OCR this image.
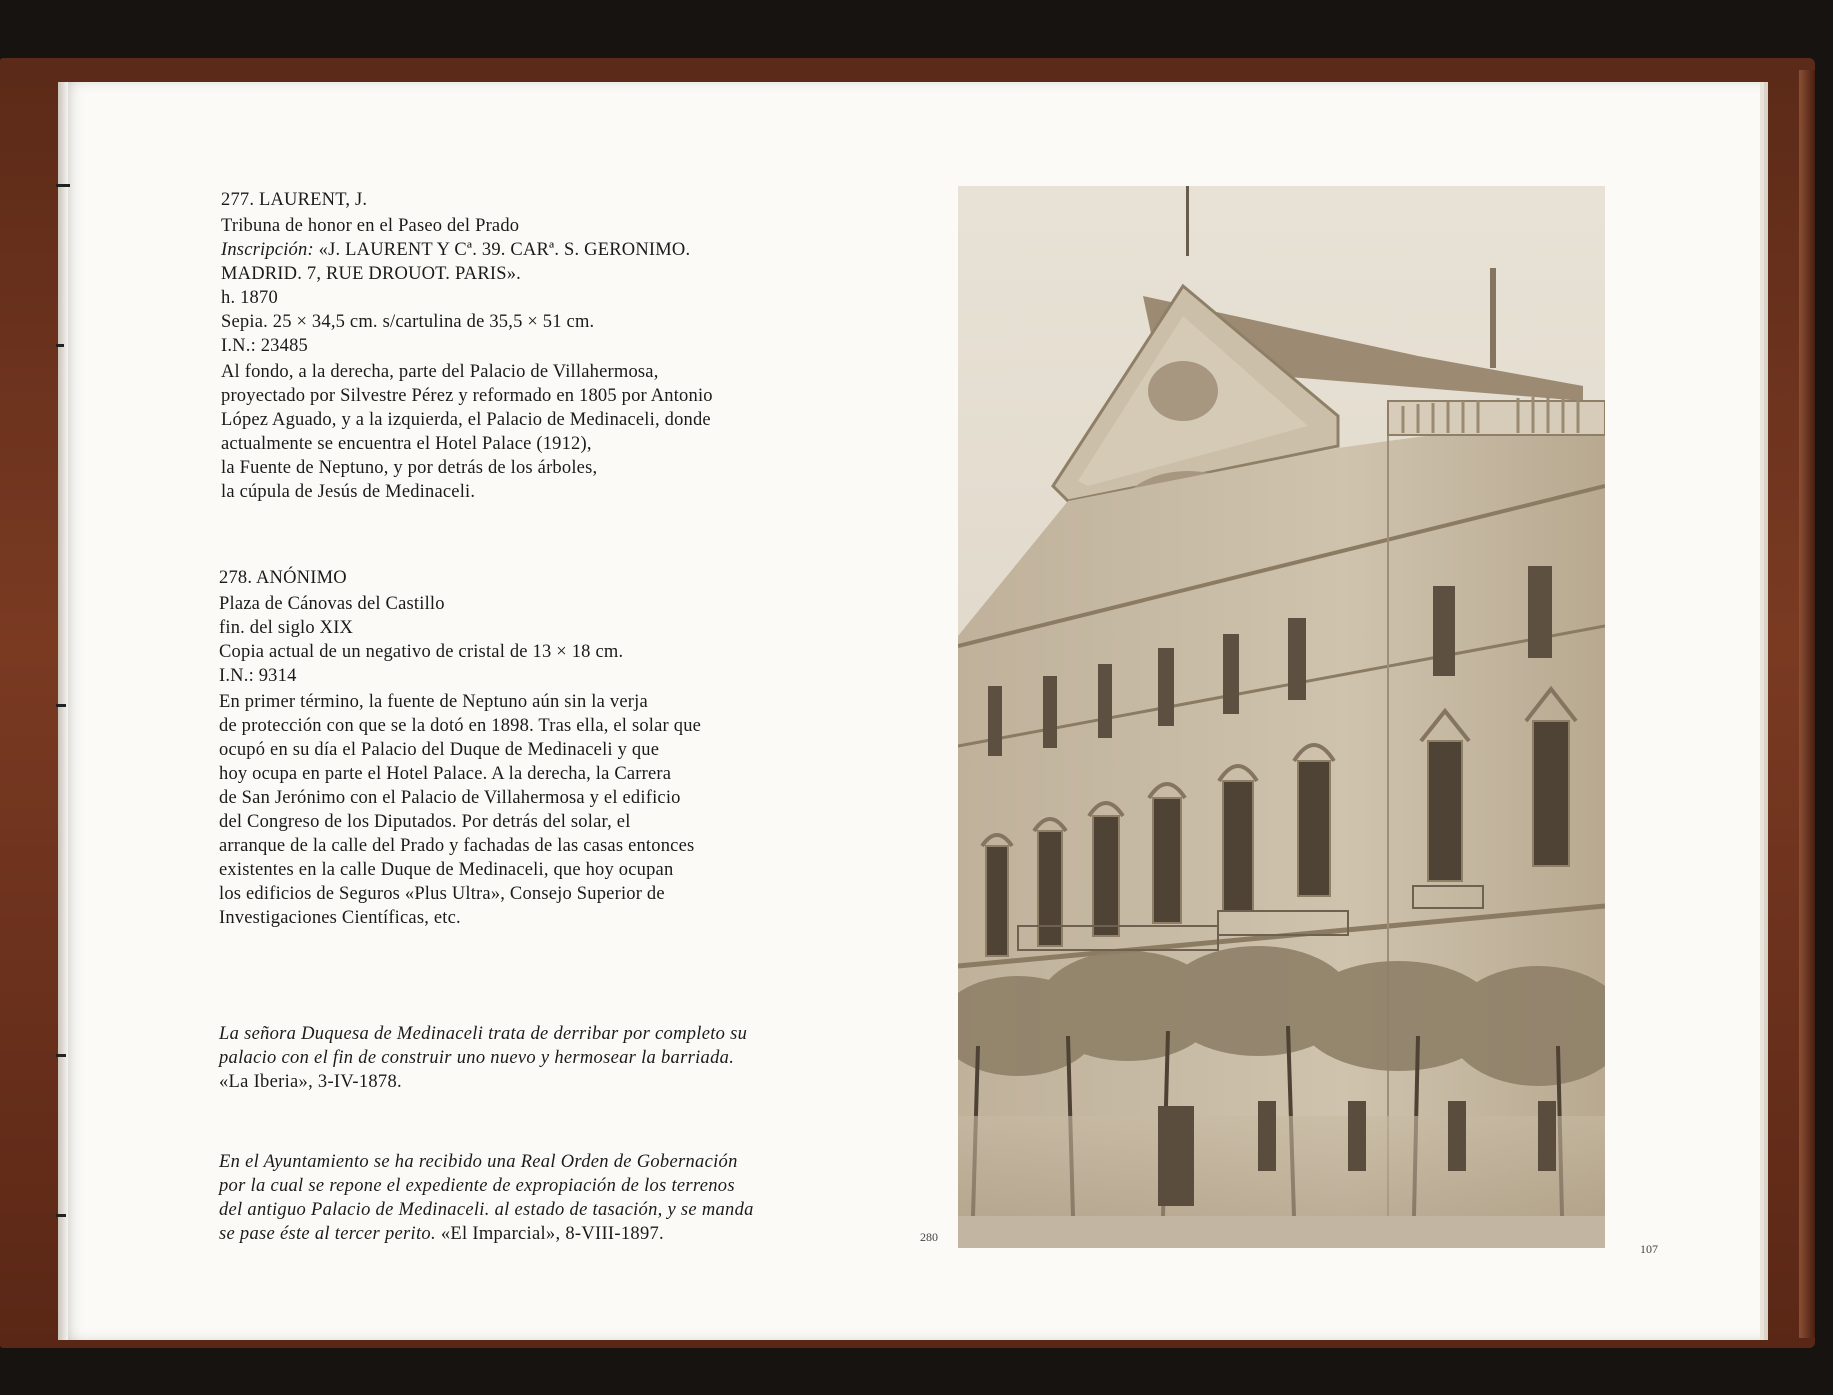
277. LAURENT, J.
Tribuna de honor en el Paseo del Prado
Inscripción: «J. LAURENT Y Cª. 39. CARª. S. GERONIMO.
MADRID. 7, RUE DROUOT. PARIS».
h. 1870
Sepia. 25 × 34,5 cm. s/cartulina de 35,5 × 51 cm.
I.N.: 23485
Al fondo, a la derecha, parte del Palacio de Villahermosa,
proyectado por Silvestre Pérez y reformado en 1805 por Antonio
López Aguado, y a la izquierda, el Palacio de Medinaceli, donde
actualmente se encuentra el Hotel Palace (1912),
la Fuente de Neptuno, y por detrás de los árboles,
la cúpula de Jesús de Medinaceli.
278. ANÓNIMO
Plaza de Cánovas del Castillo
fin. del siglo XIX
Copia actual de un negativo de cristal de 13 × 18 cm.
I.N.: 9314
En primer término, la fuente de Neptuno aún sin la verja
de protección con que se la dotó en 1898. Tras ella, el solar que
ocupó en su día el Palacio del Duque de Medinaceli y que
hoy ocupa en parte el Hotel Palace. A la derecha, la Carrera
de San Jerónimo con el Palacio de Villahermosa y el edificio
del Congreso de los Diputados. Por detrás del solar, el
arranque de la calle del Prado y fachadas de las casas entonces
existentes en la calle Duque de Medinaceli, que hoy ocupan
los edificios de Seguros «Plus Ultra», Consejo Superior de
Investigaciones Científicas, etc.
La señora Duquesa de Medinaceli trata de derribar por completo su
palacio con el fin de construir uno nuevo y hermosear la barriada.
«La Iberia», 3-IV-1878.
En el Ayuntamiento se ha recibido una Real Orden de Gobernación
por la cual se repone el expediente de expropiación de los terrenos
del antiguo Palacio de Medinaceli. al estado de tasación, y se manda
se pase éste al tercer perito. «El Imparcial», 8-VIII-1897.	280
107
